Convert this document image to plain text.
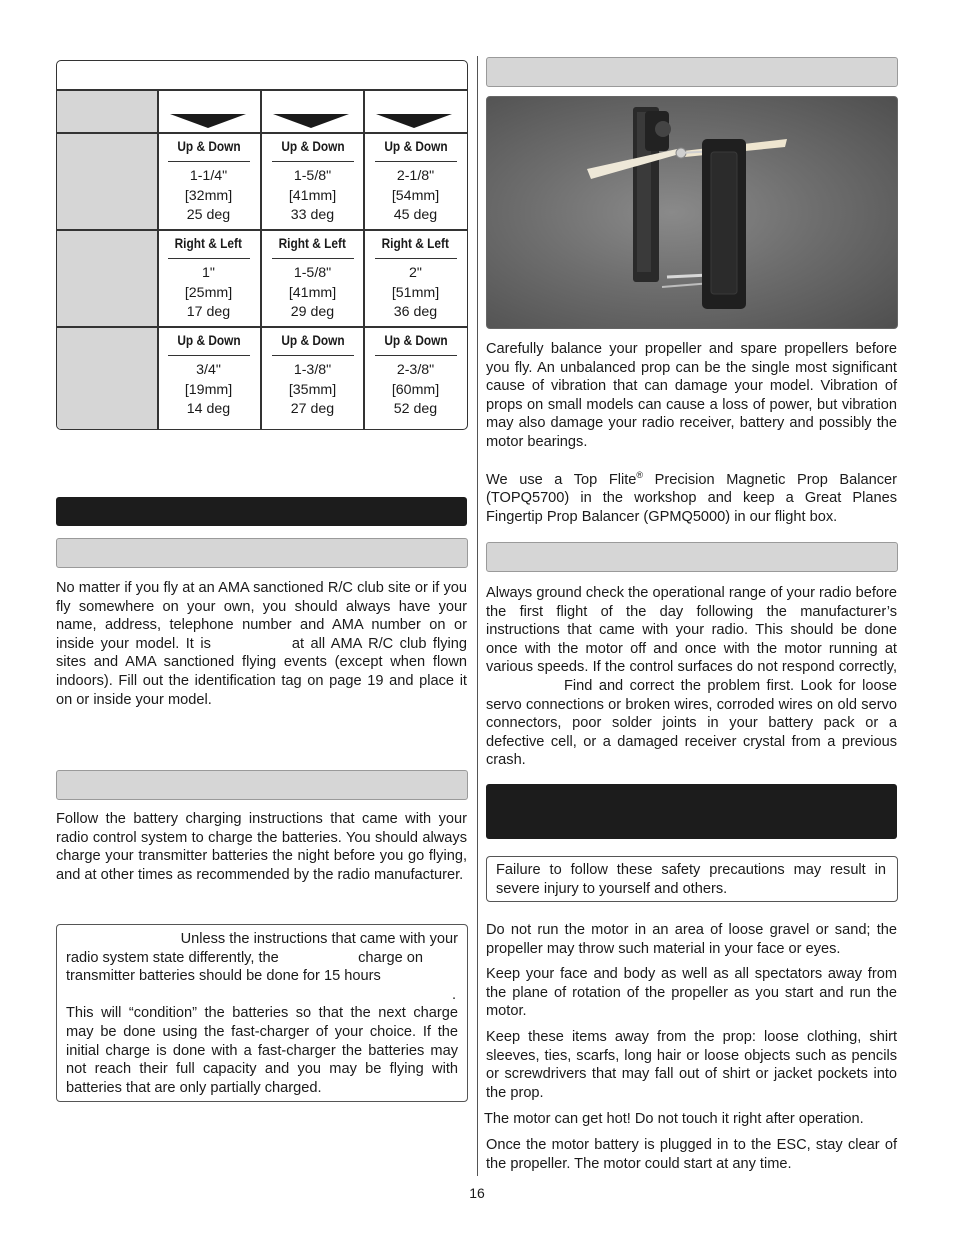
Up & Down
1-1/4"
[32mm]
25 deg
Up & Down
1-5/8"
[41mm]
33 deg
Up & Down
2-1/8"
[54mm]
45 deg
Right & Left
1"
[25mm]
17 deg
Right & Left
1-5/8"
[41mm]
29 deg
Right & Left
2"
[51mm]
36 deg
Up & Down
3/4"
[19mm]
14 deg
Up & Down
1-3/8"
[35mm]
27 deg
Up & Down
2-3/8"
[60mm]
52 deg

No matter if you fly at an AMA sanctioned R/C club site or if you fly somewhere on your own, you should always have your name, address, telephone number and AMA number on or inside your model. It is	at all AMA R/C club flying sites and AMA sanctioned flying events (except when flown indoors). Fill out the identification tag on page 19 and place it on or inside your model.

Follow the battery charging instructions that came with your radio control system to charge the batteries. You should always charge your transmitter batteries the night before you go flying, and at other times as recommended by the radio manufacturer.

Unless the instructions that came with your
radio system state differently, the	charge on
transmitter batteries should be done for 15 hours
.
This will “condition” the batteries so that the next charge may be done using the fast-charger of your choice. If the initial charge is done with a fast-charger the batteries may not reach their full capacity and you may be flying with batteries that are only partially charged.

Carefully balance your propeller and spare propellers before you fly. An unbalanced prop can be the single most significant cause of vibration that can damage your model. Vibration of props on small models can cause a loss of power, but vibration may also damage your radio receiver, battery and possibly the motor bearings.

We use a Top Flite® Precision Magnetic Prop Balancer (TOPQ5700) in the workshop and keep a Great Planes Fingertip Prop Balancer (GPMQ5000) in our flight box.

Always ground check the operational range of your radio before the first flight of the day following the manufacturer’s instructions that came with your radio. This should be done once with the motor off and once with the motor running at various speeds. If the control surfaces do not respond correctly,Find and correct the problem first. Look for loose servo connections or broken wires, corroded wires on old servo connectors, poor solder joints in your battery pack or a defective cell, or a damaged receiver crystal from a previous crash.

Failure to follow these safety precautions may result in severe injury to yourself and others.

Do not run the motor in an area of loose gravel or sand; the propeller may throw such material in your face or eyes.

Keep your face and body as well as all spectators away from the plane of rotation of the propeller as you start and run the motor.

Keep these items away from the prop: loose clothing, shirt sleeves, ties, scarfs, long hair or loose objects such as pencils or screwdrivers that may fall out of shirt or jacket pockets into the prop.

The motor can get hot! Do not touch it right after operation.

Once the motor battery is plugged in to the ESC, stay clear of the propeller. The motor could start at any time.

16
